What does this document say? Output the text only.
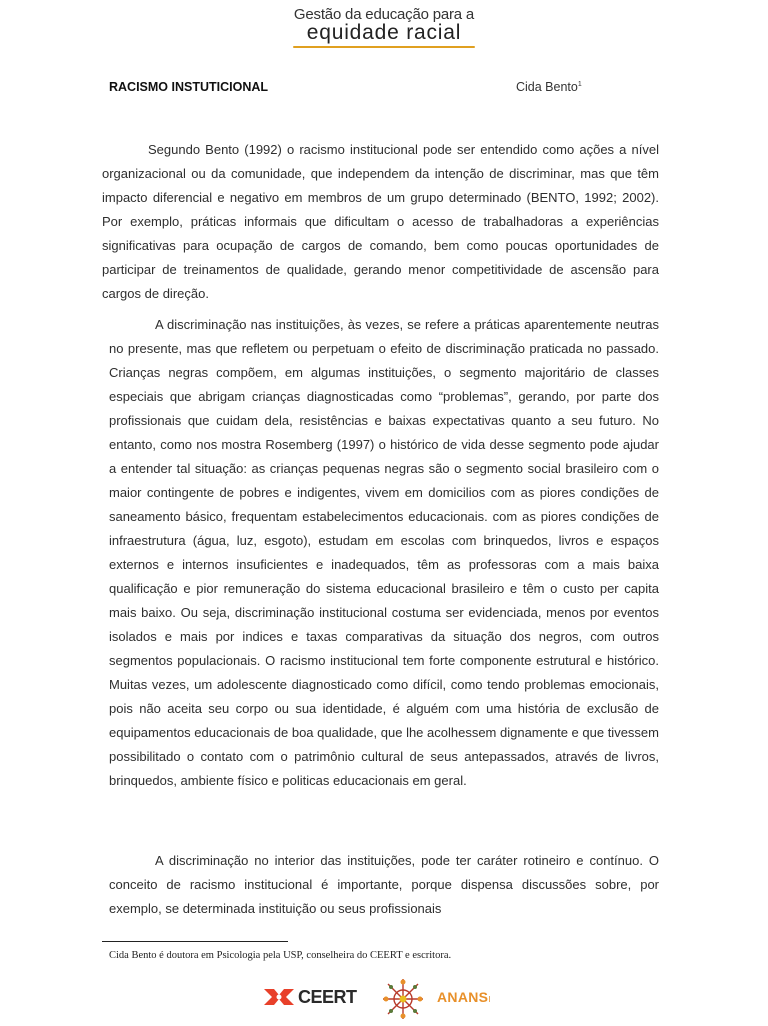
Gestão da educação para a
equidade racial
RACISMO INSTUTICIONAL	Cida Bento$^1$

Segundo Bento (1992) o racismo institucional pode ser entendido como ações a nível organizacional ou da comunidade, que independem da intenção de discriminar, mas que têm impacto diferencial e negativo em membros de um grupo determinado (BENTO, 1992; 2002). Por exemplo, práticas informais que dificultam o acesso de trabalhadoras a experiências significativas para ocupação de cargos de comando, bem como poucas oportunidades de participar de treinamentos de qualidade, gerando menor competitividade de ascensão para cargos de direção.

A discriminação nas instituições, às vezes, se refere a práticas aparentemente neutras no presente, mas que refletem ou perpetuam o efeito de discriminação praticada no passado. Crianças negras compõem, em algumas instituições, o segmento majoritário de classes especiais que abrigam crianças diagnosticadas como “problemas”, gerando, por parte dos profissionais que cuidam dela, resistências e baixas expectativas quanto a seu futuro. No entanto, como nos mostra Rosemberg (1997) o histórico de vida desse segmento pode ajudar a entender tal situação: as crianças pequenas negras são o segmento social brasileiro com o maior contingente de pobres e indigentes, vivem em domicilios com as piores condições de saneamento básico, frequentam estabelecimentos educacionais. com as piores condições de infraestrutura (água, luz, esgoto), estudam em escolas com brinquedos, livros e espaços externos e internos insuficientes e inadequados, têm as professoras com a mais baixa qualificação e pior remuneração do sistema educacional brasileiro e têm o custo per capita mais baixo. Ou seja, discriminação institucional costuma ser evidenciada, menos por eventos isolados e mais por indices e taxas comparativas da situação dos negros, com outros segmentos populacionais. O racismo institucional tem forte componente estrutural e histórico. Muitas vezes, um adolescente diagnosticado como difícil, como tendo problemas emocionais, pois não aceita seu corpo ou sua identidade, é alguém com uma história de exclusão de equipamentos educacionais de boa qualidade, que lhe acolhessem dignamente e que tivessem possibilitado o contato com o patrimônio cultural de seus antepassados, através de livros, brinquedos, ambiente físico e politicas educacionais em geral.

A discriminação no interior das instituições, pode ter caráter rotineiro e contínuo. O conceito de racismo institucional é importante, porque dispensa discussões sobre, por exemplo, se determinada instituição ou seus profissionais

Cida Bento é doutora em Psicologia pela USP, conselheira do CEERT e escritora.
CEERT	ANANSI
